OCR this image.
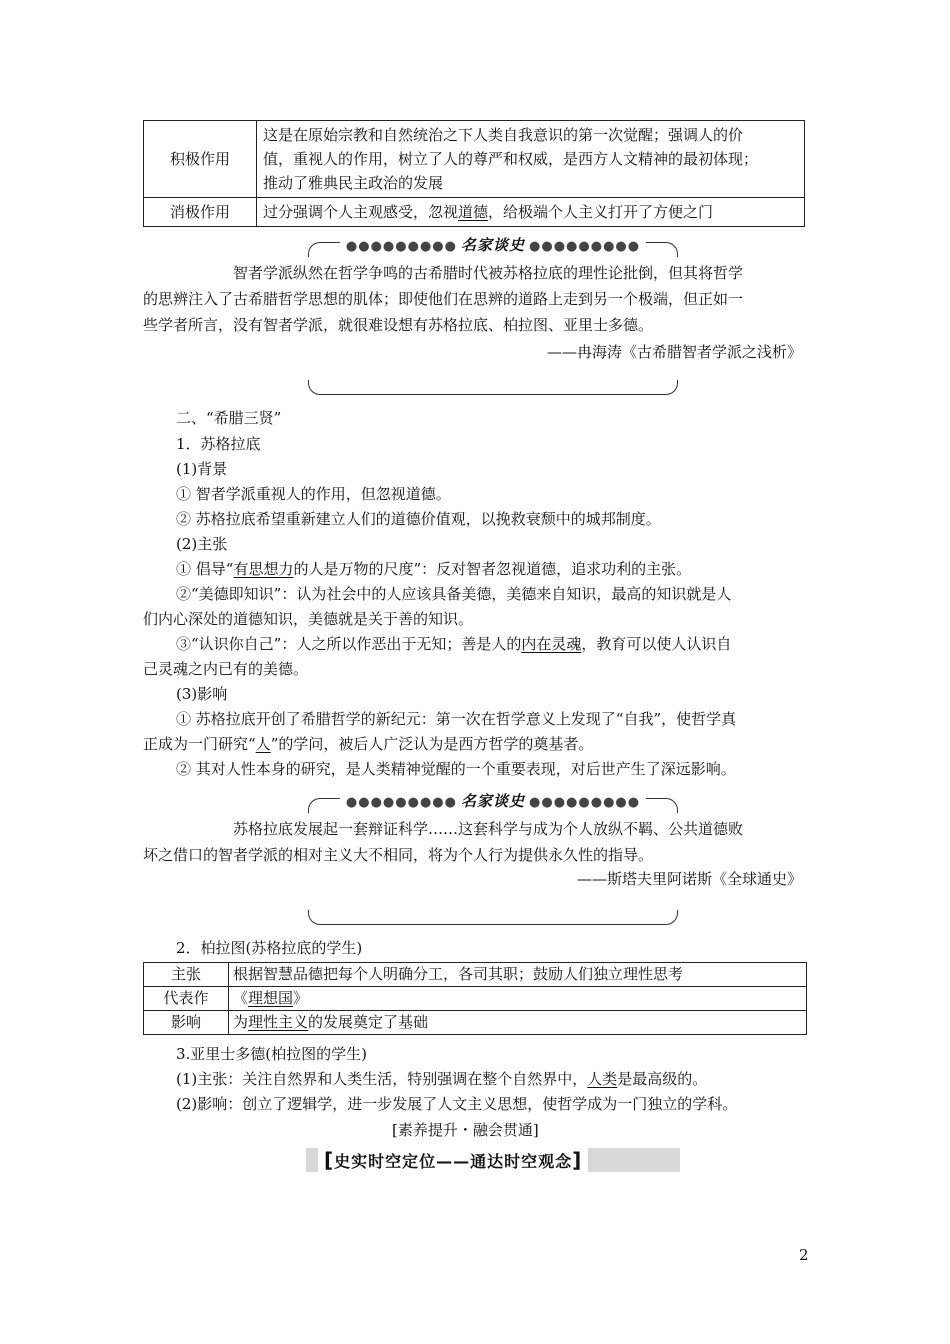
积极作用	这是在原始宗教和自然统治之下人类自我意识的第一次觉醒；强调人的价
值，重视人的作用，树立了人的尊严和权威，是西方人文精神的最初体现；
推动了雅典民主政治的发展

消极作用	过分强调个人主观感受，忽视道德，给极端个人主义打开了方便之门
●●●●●●●●● 名家谈史 ●●●●●●●●●
智者学派纵然在哲学争鸣的古希腊时代被苏格拉底的理性论批倒，但其将哲学
的思辨注入了古希腊哲学思想的肌体；即使他们在思辨的道路上走到另一个极端，但正如一
些学者所言，没有智者学派，就很难设想有苏格拉底、柏拉图、亚里士多德。

——冉海涛《古希腊智者学派之浅析》

二、“希腊三贤”

1．苏格拉底

(1)背景

① 智者学派重视人的作用，但忽视道德。

② 苏格拉底希望重新建立人们的道德价值观，以挽救衰颓中的城邦制度。

(2)主张

① 倡导“有思想力的人是万物的尺度”：反对智者忽视道德，追求功利的主张。

②“美德即知识”：认为社会中的人应该具备美德，美德来自知识，最高的知识就是人

们内心深处的道德知识，美德就是关于善的知识。

③“认识你自己”：人之所以作恶出于无知；善是人的内在灵魂，教育可以使人认识自

己灵魂之内已有的美德。

(3)影响

① 苏格拉底开创了希腊哲学的新纪元：第一次在哲学意义上发现了“自我”，使哲学真

正成为一门研究“人”的学问，被后人广泛认为是西方哲学的奠基者。

② 其对人性本身的研究，是人类精神觉醒的一个重要表现，对后世产生了深远影响。

●●●●●●●●● 名家谈史 ●●●●●●●●●
苏格拉底发展起一套辩证科学……这套科学与成为个人放纵不羁、公共道德败
坏之借口的智者学派的相对主义大不相同，将为个人行为提供永久性的指导。

——斯塔夫里阿诺斯《全球通史》

2．柏拉图(苏格拉底的学生)

主张	根据智慧品德把每个人明确分工，各司其职；鼓励人们独立理性思考
代表作	《理想国》
影响	为理性主义的发展奠定了基础

3.亚里士多德(柏拉图的学生)

(1)主张：关注自然界和人类生活，特别强调在整个自然界中，人类是最高级的。

(2)影响：创立了逻辑学，进一步发展了人文主义思想，使哲学成为一门独立的学科。

[素养提升・融会贯通]

[史实时空定位——通达时空观念]

2
